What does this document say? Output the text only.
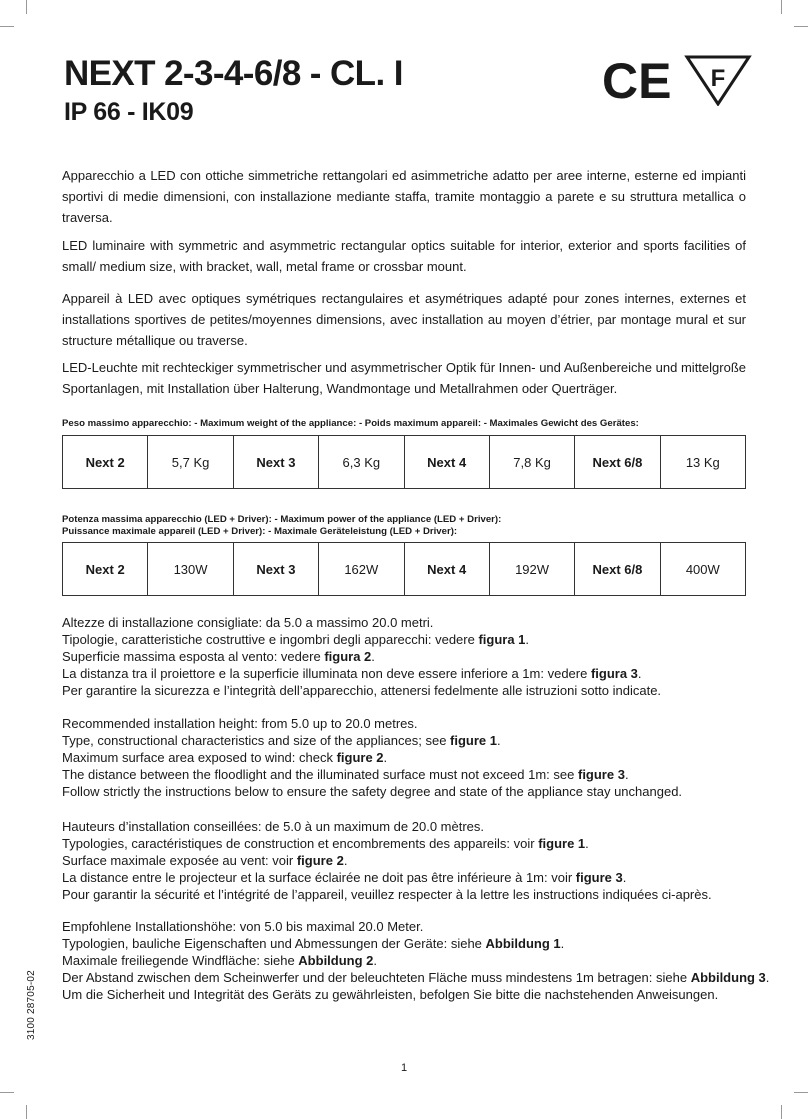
NEXT 2-3-4-6/8 - CL. I
IP 66 - IK09
CE F

Apparecchio a LED con ottiche simmetriche rettangolari ed asimmetriche adatto per aree interne, esterne ed impianti sportivi di medie dimensioni, con installazione mediante staffa, tramite montaggio a parete e su struttura metallica o traversa.

LED luminaire with symmetric and asymmetric rectangular optics suitable for interior, exterior and sports facilities of small/ medium size, with bracket, wall, metal frame or crossbar mount.

Appareil à LED avec optiques symétriques rectangulaires et asymétriques adapté pour zones internes, externes et installations sportives de petites/moyennes dimensions, avec installation au moyen d’étrier, par montage mural et sur structure métallique ou traverse.

LED-Leuchte mit rechteckiger symmetrischer und asymmetrischer Optik für Innen- und Außenbereiche und mittelgroße Sportanlagen, mit Installation über Halterung, Wandmontage und Metallrahmen oder Querträger.

Peso massimo apparecchio: - Maximum weight of the appliance: - Poids maximum appareil: - Maximales Gewicht des Gerätes:

Next 2	5,7 Kg	Next 3	6,3 Kg	Next 4	7,8 Kg	Next 6/8	13 Kg

Potenza massima apparecchio (LED + Driver): - Maximum power of the appliance (LED + Driver):
Puissance maximale appareil (LED + Driver): - Maximale Geräteleistung (LED + Driver):

Next 2	130W	Next 3	162W	Next 4	192W	Next 6/8	400W
Altezze di installazione consigliate: da 5.0 a massimo 20.0 metri.
Tipologie, caratteristiche costruttive e ingombri degli apparecchi: vedere figura 1.
Superficie massima esposta al vento: vedere figura 2.
La distanza tra il proiettore e la superficie illuminata non deve essere inferiore a 1m: vedere figura 3.
Per garantire la sicurezza e l’integrità dell’apparecchio, attenersi fedelmente alle istruzioni sotto indicate.
Recommended installation height: from 5.0 up to 20.0 metres.
Type, constructional characteristics and size of the appliances; see figure 1.
Maximum surface area exposed to wind: check figure 2.
The distance between the floodlight and the illuminated surface must not exceed 1m: see figure 3.
Follow strictly the instructions below to ensure the safety degree and state of the appliance stay unchanged.
Hauteurs d’installation conseillées: de 5.0 à un maximum de 20.0 mètres.
Typologies, caractéristiques de construction et encombrements des appareils: voir figure 1.
Surface maximale exposée au vent: voir figure 2.
La distance entre le projecteur et la surface éclairée ne doit pas être inférieure à 1m: voir figure 3.
Pour garantir la sécurité et l’intégrité de l’appareil, veuillez respecter à la lettre les instructions indiquées ci-après.
Empfohlene Installationshöhe: von 5.0 bis maximal 20.0 Meter.
Typologien, bauliche Eigenschaften und Abmessungen der Geräte: siehe Abbildung 1.
Maximale freiliegende Windfläche: siehe Abbildung 2.
Der Abstand zwischen dem Scheinwerfer und der beleuchteten Fläche muss mindestens 1m betragen: siehe Abbildung 3.
Um die Sicherheit und Integrität des Geräts zu gewährleisten, befolgen Sie bitte die nachstehenden Anweisungen.
3100 28705-02
1
